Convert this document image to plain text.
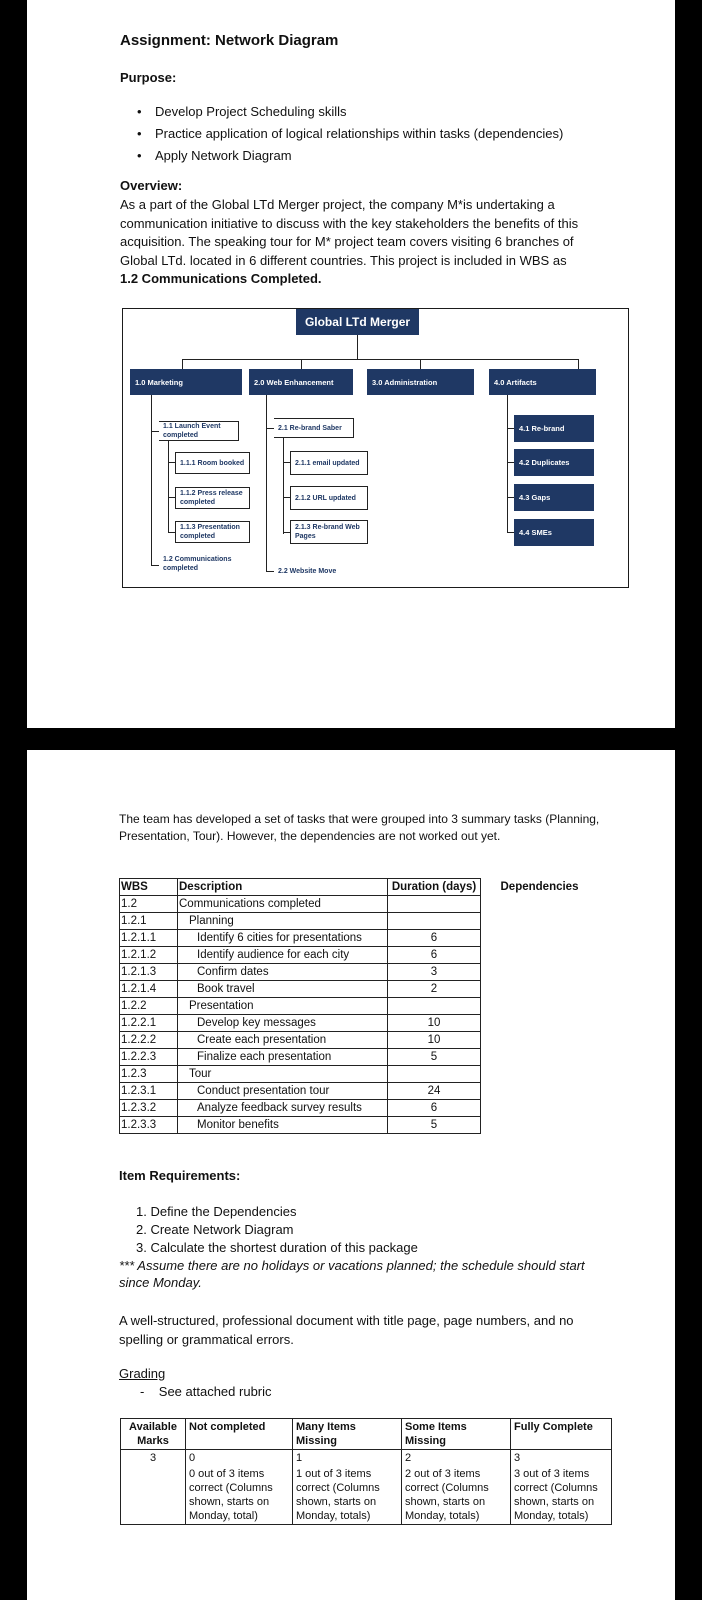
Assignment: Network Diagram
Purpose:
• Develop Project Scheduling skills
• Practice application of logical relationships within tasks (dependencies)
• Apply Network Diagram
Overview:
As a part of the Global LTd Merger project, the company M*is undertaking a
communication initiative to discuss with the key stakeholders the benefits of this
acquisition. The speaking tour for M* project team covers visiting 6 branches of
Global LTd. located in 6 different countries. This project is included in WBS as
1.2 Communications Completed.
Global LTd Merger
1.0 Marketing	2.0 Web Enhancement	3.0 Administration	4.0 Artifacts
1.1 Launch Event completed
1.1.1 Room booked
1.1.2 Press release completed
1.1.3 Presentation completed
1.2 Communications completed
2.1 Re-brand Saber
2.1.1 email updated
2.1.2 URL updated
2.1.3 Re-brand Web Pages
2.2 Website Move
4.1 Re-brand
4.2 Duplicates
4.3 Gaps
4.4 SMEs
The team has developed a set of tasks that were grouped into 3 summary tasks (Planning,
Presentation, Tour). However, the dependencies are not worked out yet.
WBS	Description	Duration (days)	Dependencies
1.2	Communications completed		

1.2.1	Planning		

1.2.1.1	Identify 6 cities for presentations	6	
1.2.1.2	Identify audience for each city	6	
1.2.1.3	Confirm dates	3	
1.2.1.4	Book travel	2	
1.2.2	Presentation		

1.2.2.1	Develop key messages	10	
1.2.2.2	Create each presentation	10	
1.2.2.3	Finalize each presentation	5	
1.2.3	Tour		

1.2.3.1	Conduct presentation tour	24	
1.2.3.2	Analyze feedback survey results	6	
1.2.3.3	Monitor benefits	5	
Item Requirements:
1. Define the Dependencies
2. Create Network Diagram
3. Calculate the shortest duration of this package
*** Assume there are no holidays or vacations planned; the schedule should start
since Monday.
A well-structured, professional document with title page, page numbers, and no
spelling or grammatical errors.
Grading
-    See attached rubric
Available Marks	Not completed	Many Items Missing	Some Items Missing	Fully Complete
3	0	1	2	3
	0 out of 3 items correct (Columns shown, starts on Monday, total)	1 out of 3 items correct (Columns shown, starts on Monday, totals)	2 out of 3 items correct (Columns shown, starts on Monday, totals)	3 out of 3 items correct (Columns shown, starts on Monday, totals)
